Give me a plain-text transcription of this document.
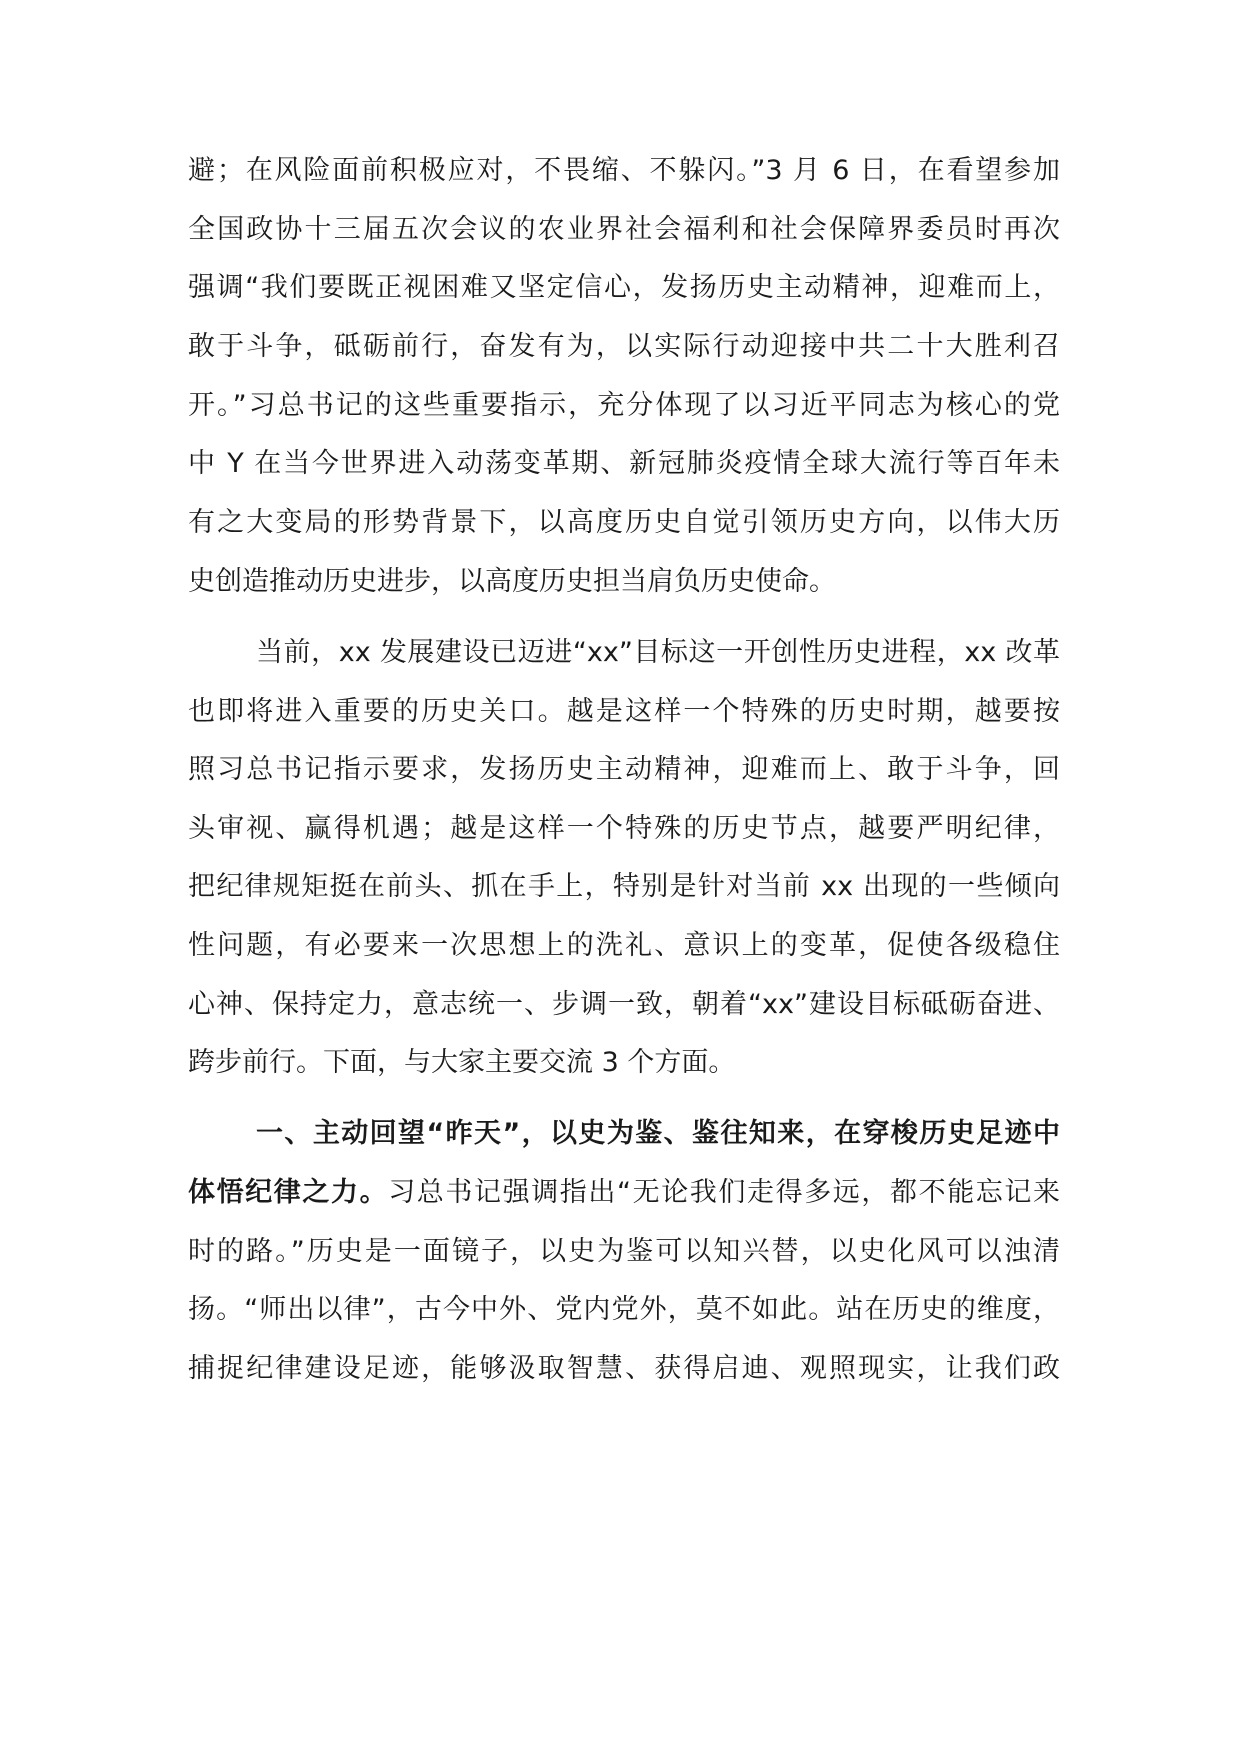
避；在风险面前积极应对，不畏缩、不躲闪。”3 月 6 日，在看望参加
全国政协十三届五次会议的农业界社会福利和社会保障界委员时再次
强调“我们要既正视困难又坚定信心，发扬历史主动精神，迎难而上，
敢于斗争，砥砺前行，奋发有为，以实际行动迎接中共二十大胜利召
开。”习总书记的这些重要指示，充分体现了以习近平同志为核心的党
中 Y 在当今世界进入动荡变革期、新冠肺炎疫情全球大流行等百年未
有之大变局的形势背景下，以高度历史自觉引领历史方向，以伟大历
史创造推动历史进步，以高度历史担当肩负历史使命。
当前，xx 发展建设已迈进“xx”目标这一开创性历史进程，xx 改革
也即将进入重要的历史关口。越是这样一个特殊的历史时期，越要按
照习总书记指示要求，发扬历史主动精神，迎难而上、敢于斗争，回
头审视、赢得机遇；越是这样一个特殊的历史节点，越要严明纪律，
把纪律规矩挺在前头、抓在手上，特别是针对当前 xx 出现的一些倾向
性问题，有必要来一次思想上的洗礼、意识上的变革，促使各级稳住
心神、保持定力，意志统一、步调一致，朝着“xx”建设目标砥砺奋进、
跨步前行。下面，与大家主要交流 3 个方面。
一、主动回望“昨天”，以史为鉴、鉴往知来，在穿梭历史足迹中
体悟纪律之力。习总书记强调指出“无论我们走得多远，都不能忘记来
时的路。”历史是一面镜子，以史为鉴可以知兴替，以史化风可以浊清
扬。“师出以律”，古今中外、党内党外，莫不如此。站在历史的维度，
捕捉纪律建设足迹，能够汲取智慧、获得启迪、观照现实，让我们政
